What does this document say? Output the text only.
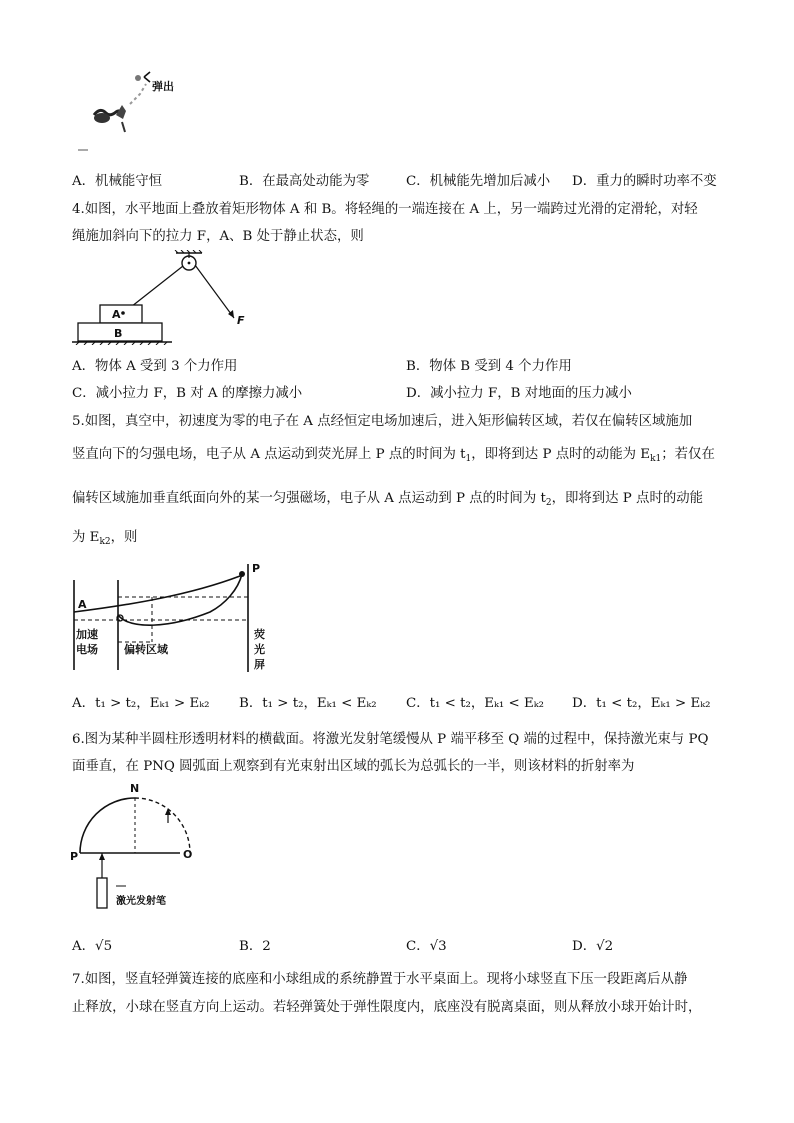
弹出
A．机械能守恒	B．在最高处动能为零	C．机械能先增加后减小 D．重力的瞬时功率不变
4.如图，水平地面上叠放着矩形物体 A 和 B。将轻绳的一端连接在 A 上，另一端跨过光滑的定滑轮，对轻
绳施加斜向下的拉力 F，A、B 处于静止状态，则
F
A
B
A．物体 A 受到 3 个力作用	B．物体 B 受到 4 个力作用
C．减小拉力 F，B 对 A 的摩擦力减小	D．减小拉力 F，B 对地面的压力减小
5.如图，真空中，初速度为零的电子在 A 点经恒定电场加速后，进入矩形偏转区域，若仅在偏转区域施加
竖直向下的匀强电场，电子从 A 点运动到荧光屏上 P 点的时间为 $t_1$，即将到达 P 点时的动能为 $E_{k1}$；若仅在
偏转区域施加垂直纸面向外的某一匀强磁场，电子从 A 点运动到 P 点的时间为 $t_2$，即将到达 P 点时的动能
为 $E_{k2}$，则
P
A
加速
电场 偏转区域
荧
光
屏
A．t₁ > t₂，Eₖ₁ > Eₖ₂ B．t₁ > t₂，Eₖ₁ < Eₖ₂ C．t₁ < t₂，Eₖ₁ < Eₖ₂ D．t₁ < t₂，Eₖ₁ > Eₖ₂
6.图为某种半圆柱形透明材料的横截面。将激光发射笔缓慢从 P 端平移至 Q 端的过程中，保持激光束与 PQ
面垂直，在 PNQ 圆弧面上观察到有光束射出区域的弧长为总弧长的一半，则该材料的折射率为
N
P	O
激光发射笔
A．√5	B．2	C．√3	D．√2
7.如图，竖直轻弹簧连接的底座和小球组成的系统静置于水平桌面上。现将小球竖直下压一段距离后从静
止释放，小球在竖直方向上运动。若轻弹簧处于弹性限度内，底座没有脱离桌面，则从释放小球开始计时，
